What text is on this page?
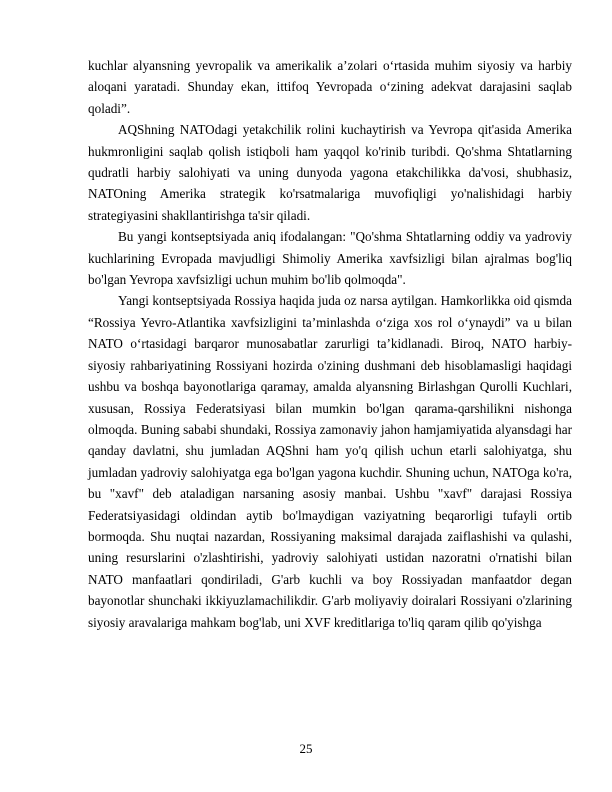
kuchlar alyansning yevropalik va amerikalik aʼzolari oʻrtasida muhim siyosiy va harbiy aloqani yaratadi. Shunday ekan, ittifoq Yevropada oʻzining adekvat darajasini saqlab qoladi”.

AQShning NATOdagi yetakchilik rolini kuchaytirish va Yevropa qit'asida Amerika hukmronligini saqlab qolish istiqboli ham yaqqol ko'rinib turibdi. Qo'shma Shtatlarning qudratli harbiy salohiyati va uning dunyoda yagona etakchilikka da'vosi, shubhasiz, NATOning Amerika strategik ko'rsatmalariga muvofiqligi yo'nalishidagi harbiy strategiyasini shakllantirishga ta'sir qiladi.

Bu yangi kontseptsiyada aniq ifodalangan: "Qo'shma Shtatlarning oddiy va yadroviy kuchlarining Evropada mavjudligi Shimoliy Amerika xavfsizligi bilan ajralmas bog'liq bo'lgan Yevropa xavfsizligi uchun muhim bo'lib qolmoqda".

Yangi kontseptsiyada Rossiya haqida juda oz narsa aytilgan. Hamkorlikka oid qismda “Rossiya Yevro-Atlantika xavfsizligini taʼminlashda oʻziga xos rol oʻynaydi” va u bilan NATO oʻrtasidagi barqaror munosabatlar zarurligi taʼkidlanadi. Biroq, NATO harbiy-siyosiy rahbariyatining Rossiyani hozirda o'zining dushmani deb hisoblamasligi haqidagi ushbu va boshqa bayonotlariga qaramay, amalda alyansning Birlashgan Qurolli Kuchlari, xususan, Rossiya Federatsiyasi bilan mumkin bo'lgan qarama-qarshilikni nishonga olmoqda. Buning sababi shundaki, Rossiya zamonaviy jahon hamjamiyatida alyansdagi har qanday davlatni, shu jumladan AQShni ham yo'q qilish uchun etarli salohiyatga, shu jumladan yadroviy salohiyatga ega bo'lgan yagona kuchdir. Shuning uchun, NATOga ko'ra, bu "xavf" deb ataladigan narsaning asosiy manbai. Ushbu "xavf" darajasi Rossiya Federatsiyasidagi oldindan aytib bo'lmaydigan vaziyatning beqarorligi tufayli ortib bormoqda. Shu nuqtai nazardan, Rossiyaning maksimal darajada zaiflashishi va qulashi, uning resurslarini o'zlashtirishi, yadroviy salohiyati ustidan nazoratni o'rnatishi bilan NATO manfaatlari qondiriladi, G'arb kuchli va boy Rossiyadan manfaatdor degan bayonotlar shunchaki ikkiyuzlamachilikdir. G'arb moliyaviy doiralari Rossiyani o'zlarining siyosiy aravalariga mahkam bog'lab, uni XVF kreditlariga to'liq qaram qilib qo'yishga

25
